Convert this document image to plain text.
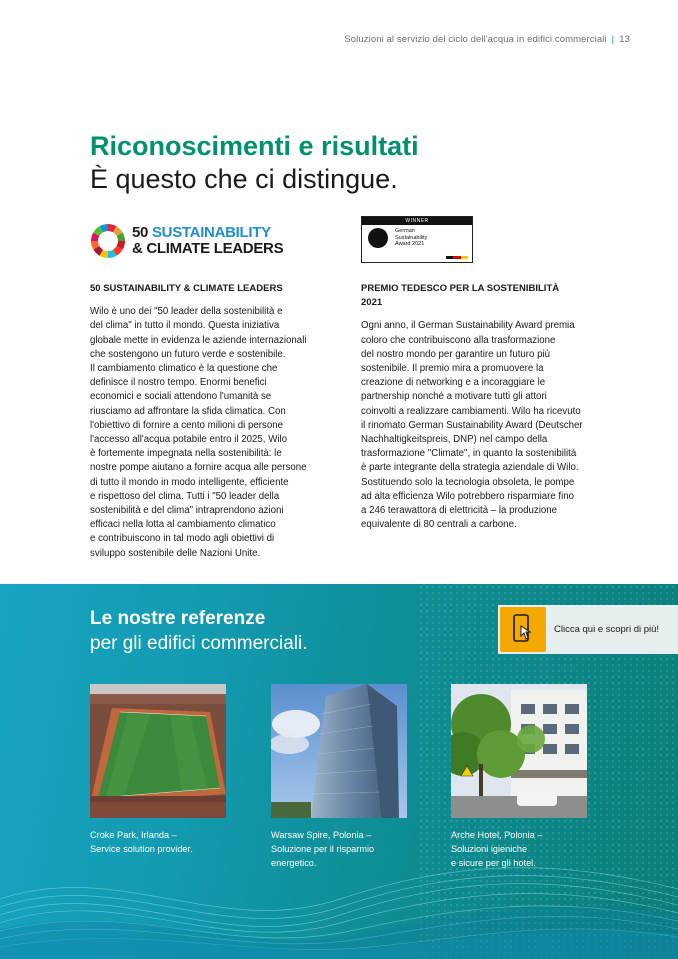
Soluzioni al servizio del ciclo dell'acqua in edifici commerciali | 13
Riconoscimenti e risultati
È questo che ci distingue.
50 SUSTAINABILITY
& CLIMATE LEADERS
WINNER
German
Sustainability
Award 2021
50 SUSTAINABILITY & CLIMATE LEADERS

Wilo è uno dei "50 leader della sostenibilità e
del clima" in tutto il mondo. Questa iniziativa
globale mette in evidenza le aziende internazionali
che sostengono un futuro verde e sostenibile.
Il cambiamento climatico è la questione che
definisce il nostro tempo. Enormi benefici
economici e sociali attendono l'umanità se
riusciamo ad affrontare la sfida climatica. Con
l'obiettivo di fornire a cento milioni di persone
l'accesso all'acqua potabile entro il 2025, Wilo
è fortemente impegnata nella sostenibilità: le
nostre pompe aiutano a fornire acqua alle persone
di tutto il mondo in modo intelligente, efficiente
e rispettoso del clima. Tutti i "50 leader della
sostenibilità e del clima" intraprendono azioni
efficaci nella lotta al cambiamento climatico
e contribuiscono in tal modo agli obiettivi di
sviluppo sostenibile delle Nazioni Unite.

PREMIO TEDESCO PER LA SOSTENIBILITÀ 2021

Ogni anno, il German Sustainability Award premia
coloro che contribuiscono alla trasformazione
del nostro mondo per garantire un futuro più
sostenibile. Il premio mira a promuovere la
creazione di networking e a incoraggiare le
partnership nonché a motivare tutti gli attori
coinvolti a realizzare cambiamenti. Wilo ha ricevuto
il rinomato German Sustainability Award (Deutscher
Nachhaltigkeitspreis, DNP) nel campo della
trasformazione "Climate", in quanto la sostenibilità
è parte integrante della strategia aziendale di Wilo.
Sostituendo solo la tecnologia obsoleta, le pompe
ad alta efficienza Wilo potrebbero risparmiare fino
a 246 terawattora di elettricità – la produzione
equivalente di 80 centrali a carbone.

Le nostre referenze
per gli edifici commerciali.
Clicca qui e scopri di più!

Croke Park, Irlanda –

Service solution provider.

Warsaw Spire, Polonia –

Soluzione per il risparmio

energetico.

Arche Hotel, Polonia –

Soluzioni igieniche

e sicure per gli hotel.
